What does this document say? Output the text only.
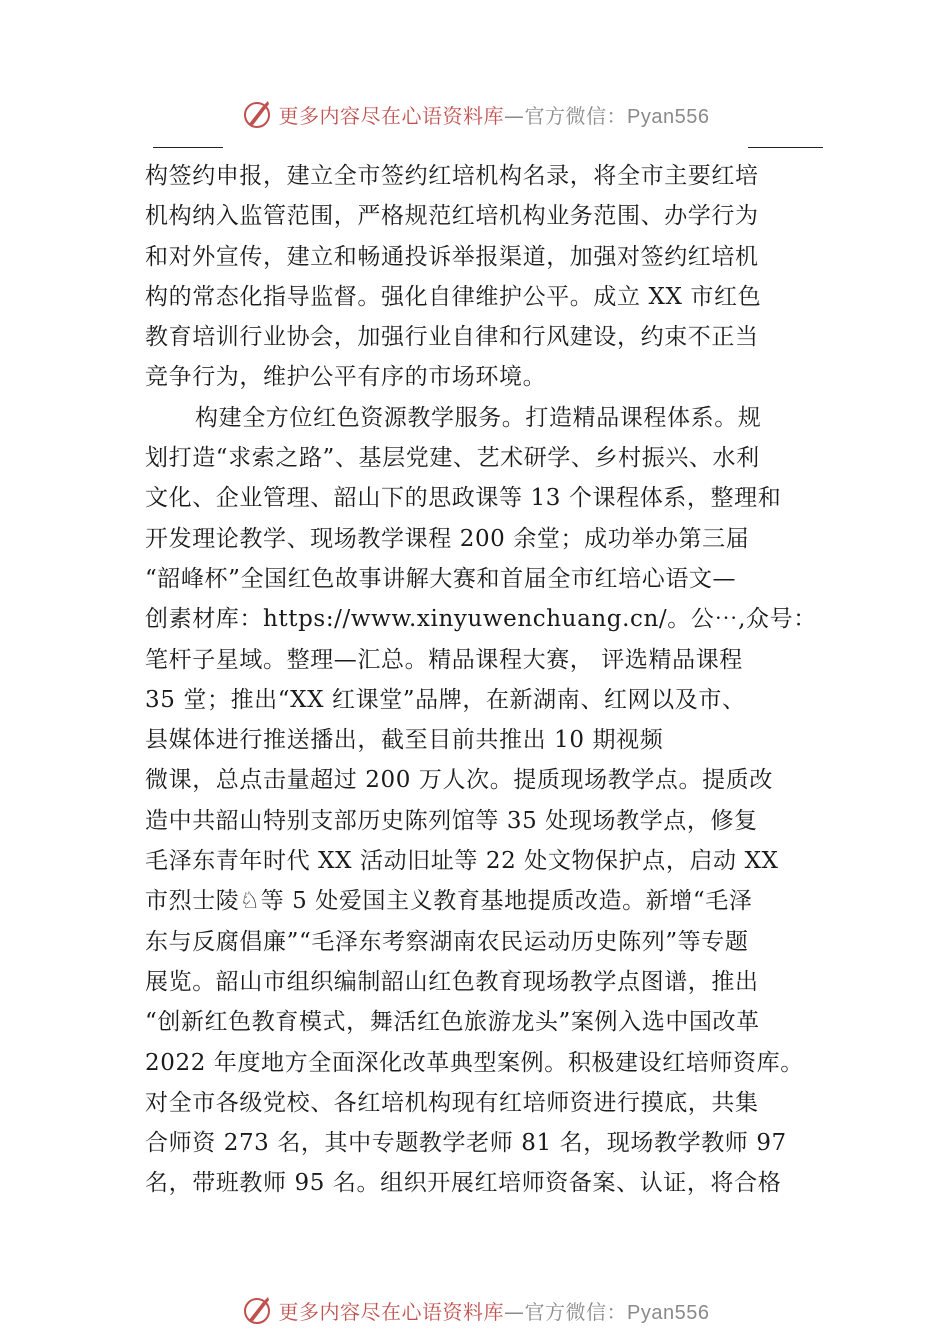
更多内容尽在心语资料库—官方微信：Pyan556
构签约申报，建立全市签约红培机构名录，将全市主要红培
机构纳入监管范围，严格规范红培机构业务范围、办学行为
和对外宣传，建立和畅通投诉举报渠道，加强对签约红培机
构的常态化指导监督。强化自律维护公平。成立 XX 市红色
教育培训行业协会，加强行业自律和行风建设，约束不正当
竞争行为，维护公平有序的市场环境。
构建全方位红色资源教学服务。打造精品课程体系。规
划打造“求索之路”、基层党建、艺术研学、乡村振兴、水利
文化、企业管理、韶山下的思政课等 13 个课程体系，整理和
开发理论教学、现场教学课程 200 余堂；成功举办第三届
“韶峰杯”全国红色故事讲解大赛和首届全市红培心语文—
创素材库：https://www.xinyuwenchuang.cn/。公⋯,众号：
笔杆子星域。整理—汇总。精品课程大赛， 评选精品课程
35 堂；推出“XX 红课堂”品牌，在新湖南、红网以及市、
县媒体进行推送播出，截至目前共推出 10 期视频
微课，总点击量超过 200 万人次。提质现场教学点。提质改
造中共韶山特别支部历史陈列馆等 35 处现场教学点，修复
毛泽东青年时代 XX 活动旧址等 22 处文物保护点，启动 XX
市烈士陵♘等 5 处爱国主义教育基地提质改造。新增“毛泽
东与反腐倡廉”“毛泽东考察湖南农民运动历史陈列”等专题
展览。韶山市组织编制韶山红色教育现场教学点图谱，推出
“创新红色教育模式，舞活红色旅游龙头”案例入选中国改革
2022 年度地方全面深化改革典型案例。积极建设红培师资库。
对全市各级党校、各红培机构现有红培师资进行摸底，共集
合师资 273 名，其中专题教学老师 81 名，现场教学教师 97
名，带班教师 95 名。组织开展红培师资备案、认证，将合格
更多内容尽在心语资料库—官方微信：Pyan556
